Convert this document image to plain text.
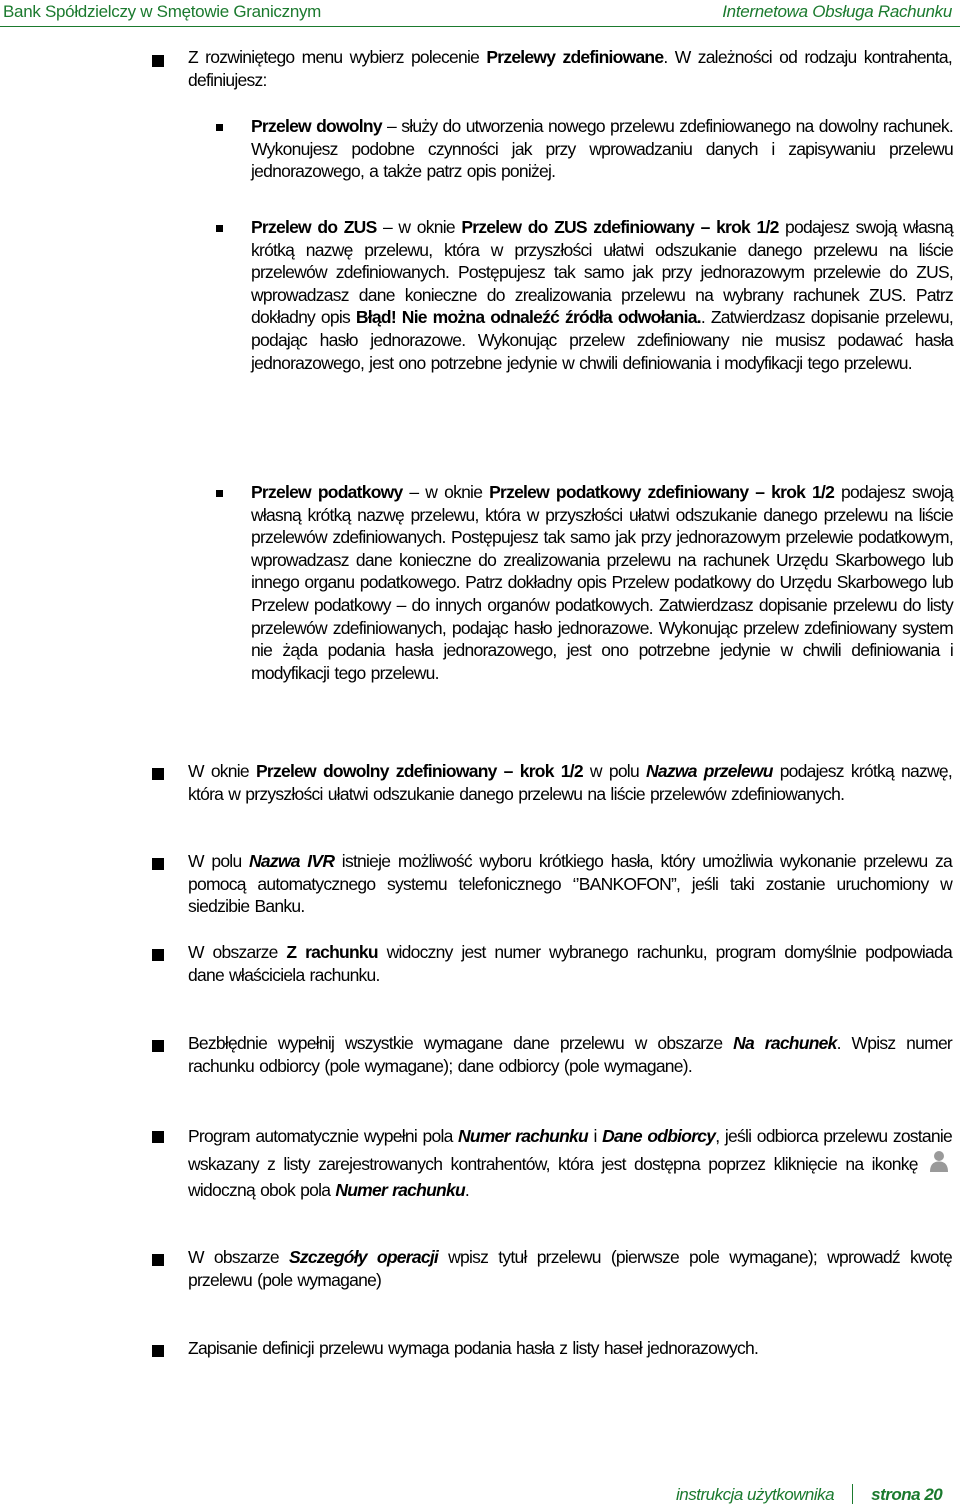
Bank Spółdzielczy w Smętowie Granicznym	Internetowa Obsługa Rachunku

Z rozwiniętego menu wybierz polecenie Przelewy zdefiniowane. W zależności od rodzaju kontrahenta, definiujesz:

Przelew dowolny – służy do utworzenia nowego przelewu zdefiniowanego na dowolny rachunek. Wykonujesz podobne czynności jak przy wprowadzaniu danych i zapisywaniu przelewu jednorazowego, a także patrz opis poniżej.

Przelew do ZUS – w oknie Przelew do ZUS zdefiniowany – krok 1/2 podajesz swoją własną krótką nazwę przelewu, która w przyszłości ułatwi odszukanie danego przelewu na liście przelewów zdefiniowanych. Postępujesz tak samo jak przy jednorazowym przelewie do ZUS, wprowadzasz dane konieczne do zrealizowania przelewu na wybrany rachunek ZUS. Patrz dokładny opis Błąd! Nie można odnaleźć źródła odwołania.. Zatwierdzasz dopisanie przelewu, podając hasło jednorazowe. Wykonując przelew zdefiniowany nie musisz podawać hasła jednorazowego, jest ono potrzebne jedynie w chwili definiowania i modyfikacji tego przelewu.

Przelew podatkowy – w oknie Przelew podatkowy zdefiniowany – krok 1/2 podajesz swoją własną krótką nazwę przelewu, która w przyszłości ułatwi odszukanie danego przelewu na liście przelewów zdefiniowanych. Postępujesz tak samo jak przy jednorazowym przelewie podatkowym, wprowadzasz dane konieczne do zrealizowania przelewu na rachunek Urzędu Skarbowego lub innego organu podatkowego. Patrz dokładny opis Przelew podatkowy do Urzędu Skarbowego lub Przelew podatkowy – do innych organów podatkowych. Zatwierdzasz dopisanie przelewu do listy przelewów zdefiniowanych, podając hasło jednorazowe. Wykonując przelew zdefiniowany system nie żąda podania hasła jednorazowego, jest ono potrzebne jedynie w chwili definiowania i modyfikacji tego przelewu.

W oknie Przelew dowolny zdefiniowany – krok 1/2 w polu Nazwa przelewu podajesz krótką nazwę, która w przyszłości ułatwi odszukanie danego przelewu na liście przelewów zdefiniowanych.

W polu Nazwa IVR istnieje możliwość wyboru krótkiego hasła, który umożliwia wykonanie przelewu za pomocą automatycznego systemu telefonicznego ‘’BANKOFON”, jeśli taki zostanie uruchomiony w siedzibie Banku.

W obszarze Z rachunku widoczny jest numer wybranego rachunku, program domyślnie podpowiada dane właściciela rachunku.

Bezbłędnie wypełnij wszystkie wymagane dane przelewu w obszarze Na rachunek. Wpisz numer rachunku odbiorcy (pole wymagane); dane odbiorcy (pole wymagane).

Program automatycznie wypełni pola Numer rachunku i Dane odbiorcy, jeśli odbiorca przelewu zostanie wskazany z listy zarejestrowanych kontrahentów, która jest dostępna poprzez kliknięcie na ikonkę  widoczną obok pola Numer rachunku.

W obszarze Szczegóły operacji wpisz tytuł przelewu (pierwsze pole wymagane); wprowadź kwotę przelewu (pole wymagane)

Zapisanie definicji przelewu wymaga podania hasła z listy haseł jednorazowych.

instrukcja użytkownika strona 20
